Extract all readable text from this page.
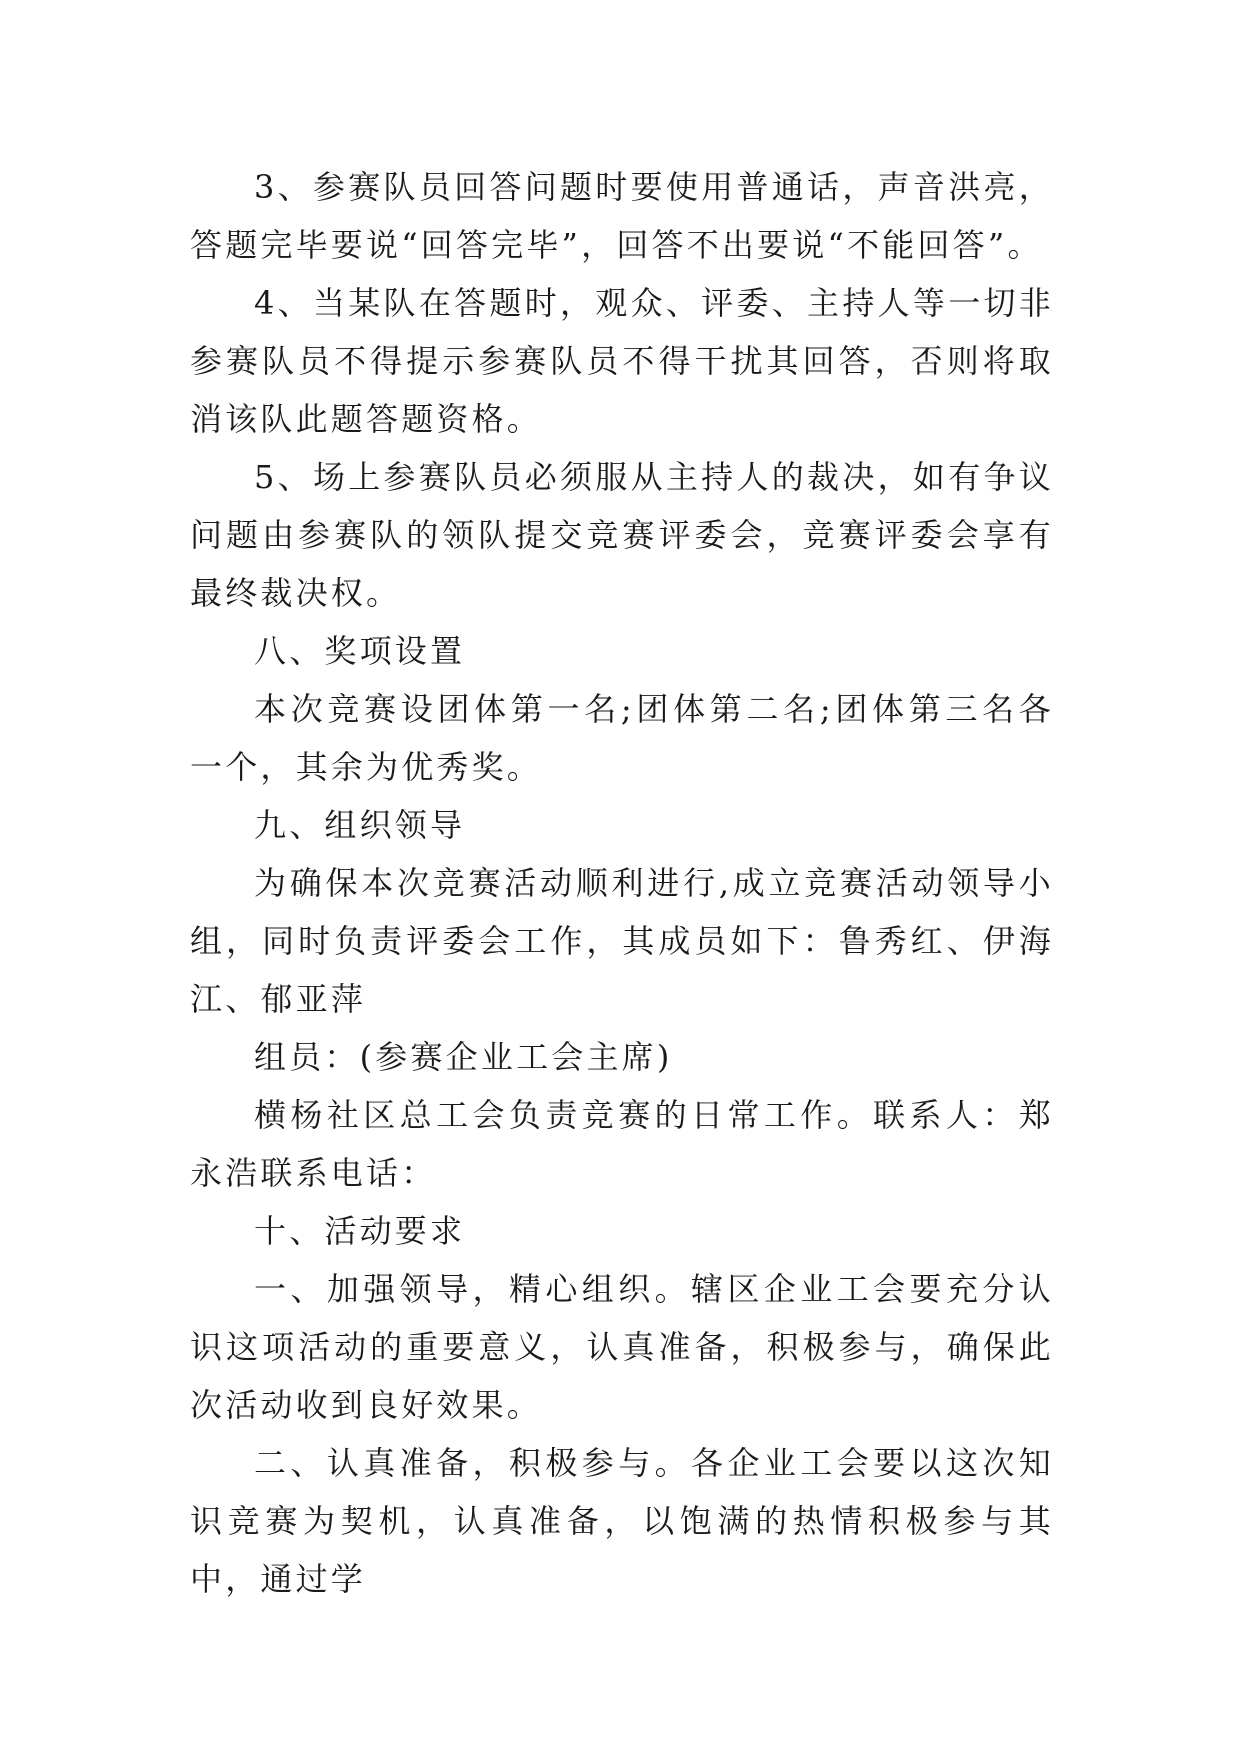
3、参赛队员回答问题时要使用普通话，声音洪亮，答题完毕要说“回答完毕”，回答不出要说“不能回答”。

4、当某队在答题时，观众、评委、主持人等一切非参赛队员不得提示参赛队员不得干扰其回答，否则将取消该队此题答题资格。

5、场上参赛队员必须服从主持人的裁决，如有争议问题由参赛队的领队提交竞赛评委会，竞赛评委会享有最终裁决权。

八、奖项设置

本次竞赛设团体第一名;团体第二名;团体第三名各一个，其余为优秀奖。

九、组织领导

为确保本次竞赛活动顺利进行,成立竞赛活动领导小组，同时负责评委会工作，其成员如下：鲁秀红、伊海江、郁亚萍

组员：(参赛企业工会主席)

横杨社区总工会负责竞赛的日常工作。联系人：郑永浩联系电话：

十、活动要求

一、加强领导，精心组织。辖区企业工会要充分认识这项活动的重要意义，认真准备，积极参与，确保此次活动收到良好效果。

二、认真准备，积极参与。各企业工会要以这次知识竞赛为契机，认真准备，以饱满的热情积极参与其中，通过学
